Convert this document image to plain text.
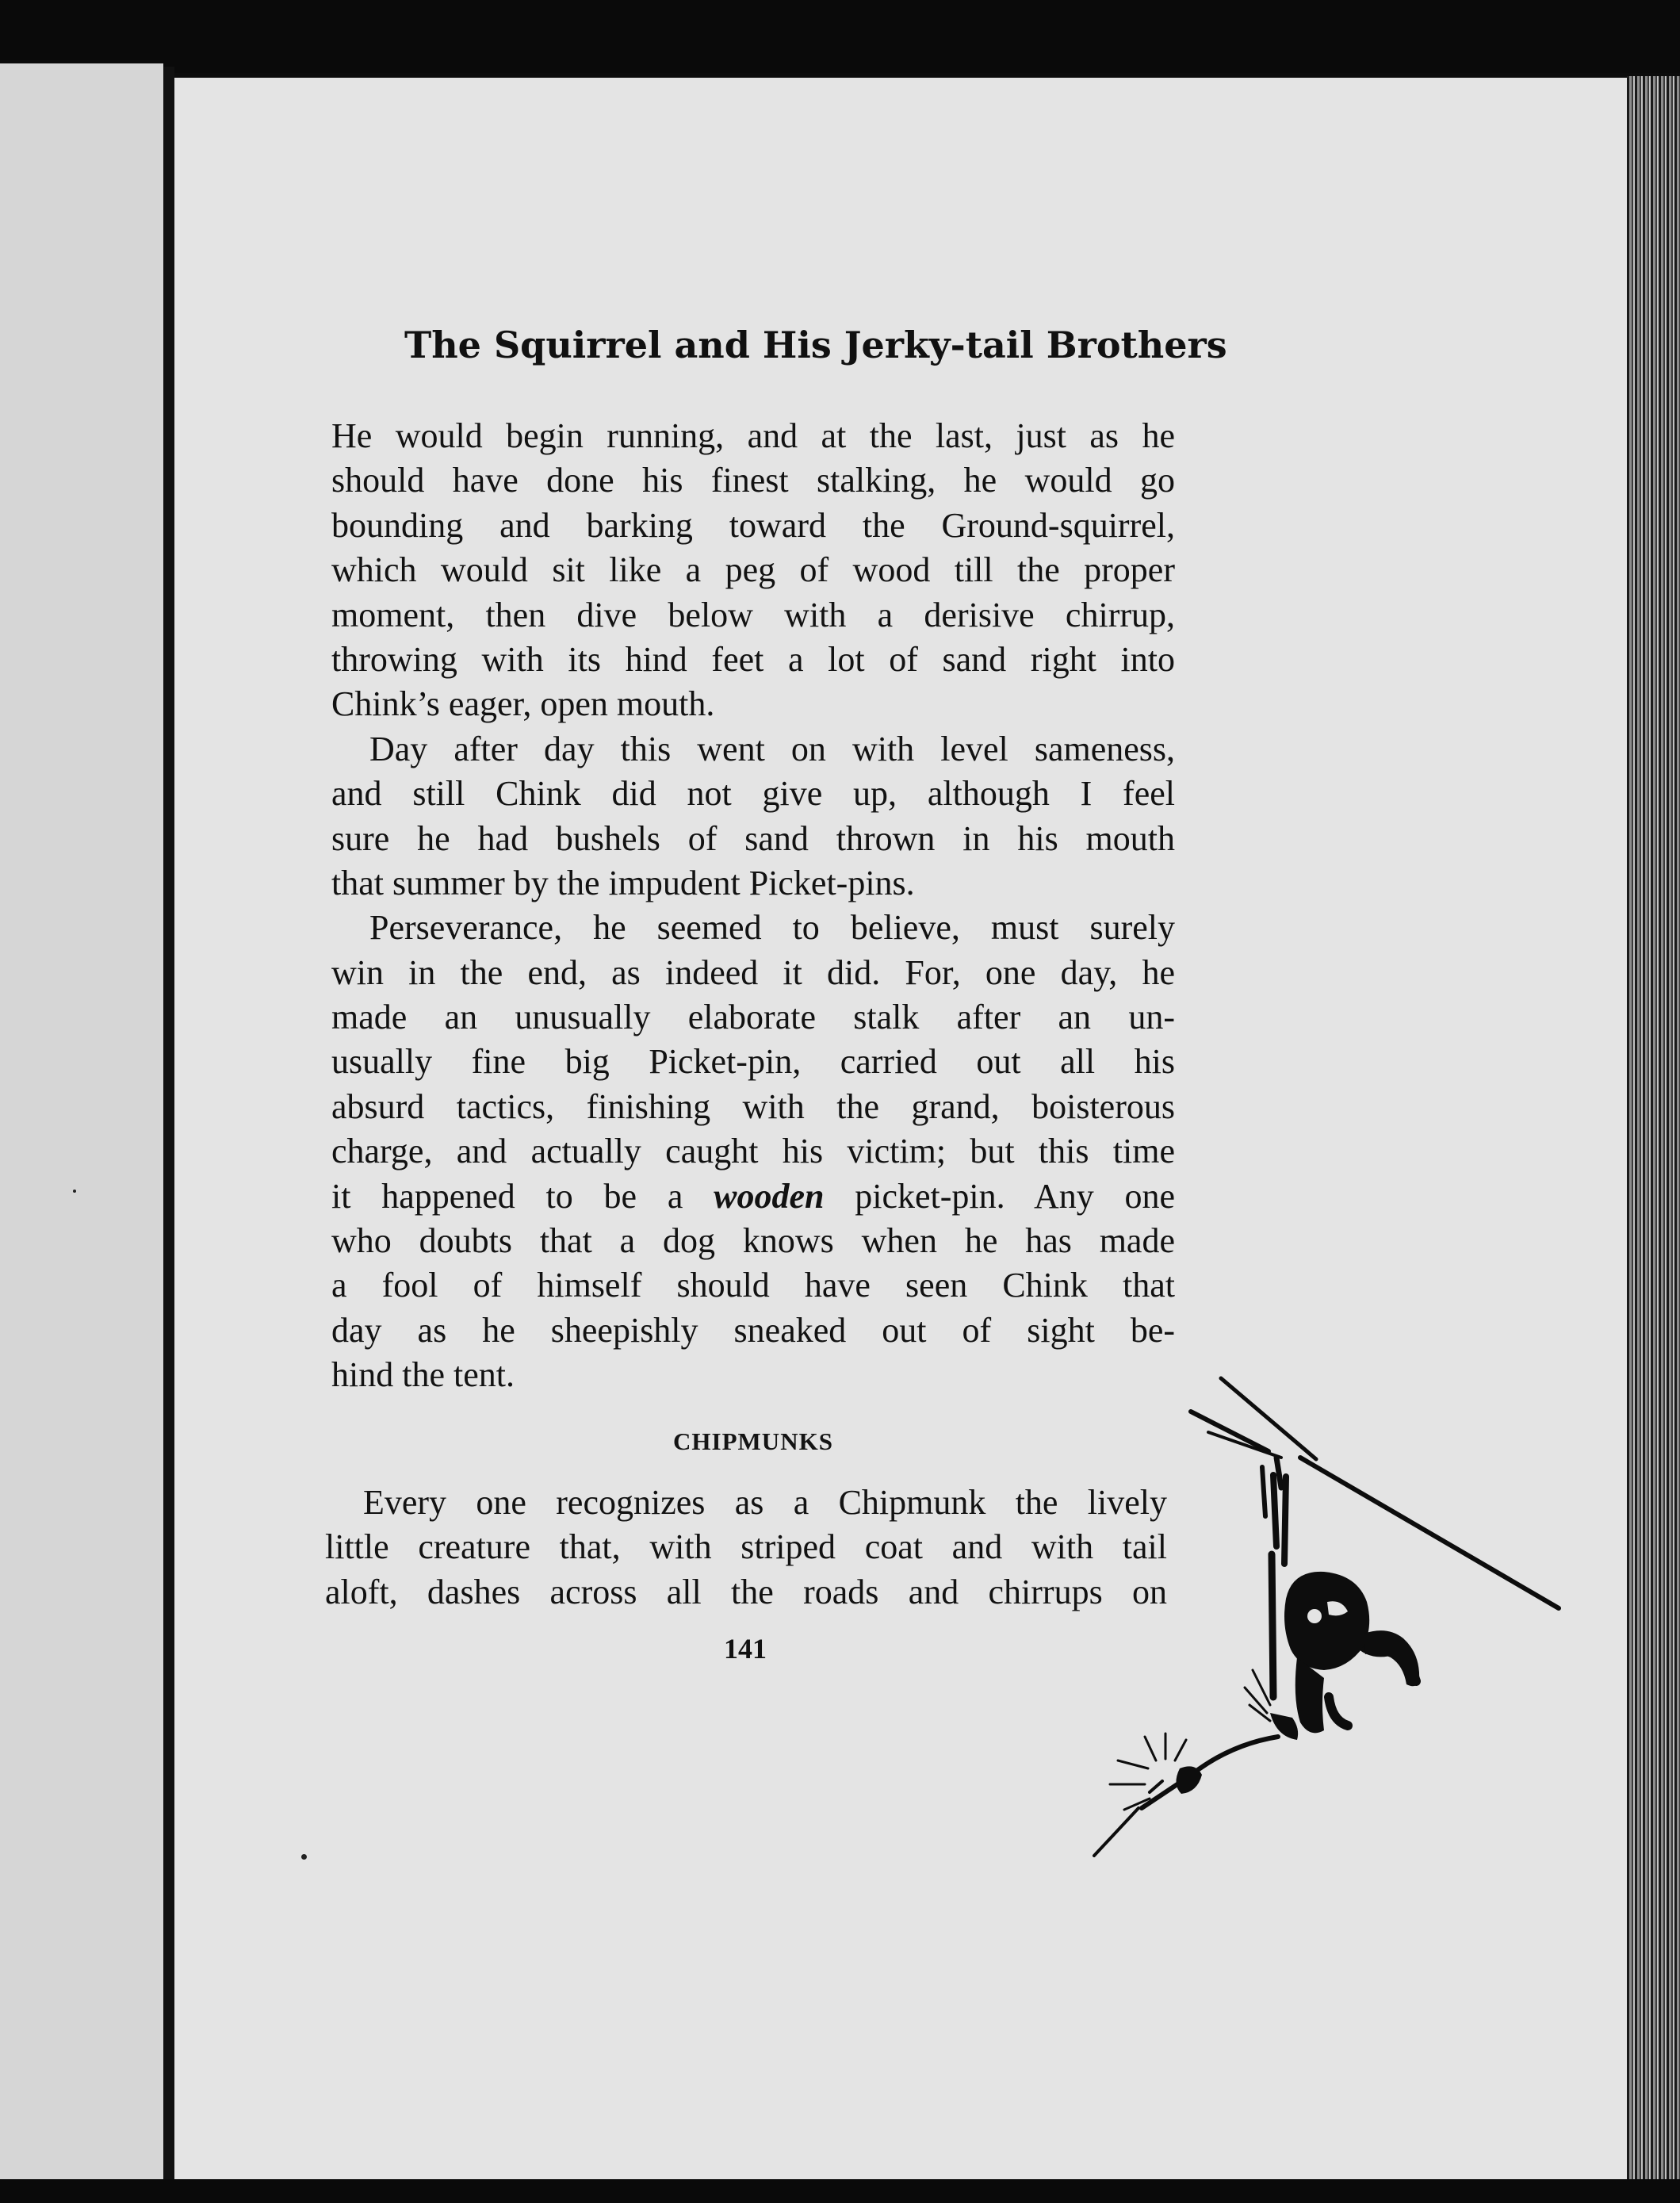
The Squirrel and His Jerky-tail Brothers
He would begin running, and at the last, just as he
should have done his finest stalking, he would go
bounding and barking toward the Ground-squirrel,
which would sit like a peg of wood till the proper
moment, then dive below with a derisive chirrup,
throwing with its hind feet a lot of sand right into
Chink’s eager, open mouth.
Day after day this went on with level sameness,
and still Chink did not give up, although I feel
sure he had bushels of sand thrown in his mouth
that summer by the impudent Picket-pins.
Perseverance, he seemed to believe, must surely
win in the end, as indeed it did. For, one day, he
made an unusually elaborate stalk after an un-
usually fine big Picket-pin, carried out all his
absurd tactics, finishing with the grand, boisterous
charge, and actually caught his victim; but this time
it happened to be a wooden picket-pin. Any one
who doubts that a dog knows when he has made
a fool of himself should have seen Chink that
day as he sheepishly sneaked out of sight be-
hind the tent.
CHIPMUNKS
Every one recognizes as a Chipmunk the lively
little creature that, with striped coat and with tail
aloft, dashes across all the roads and chirrups on
141
